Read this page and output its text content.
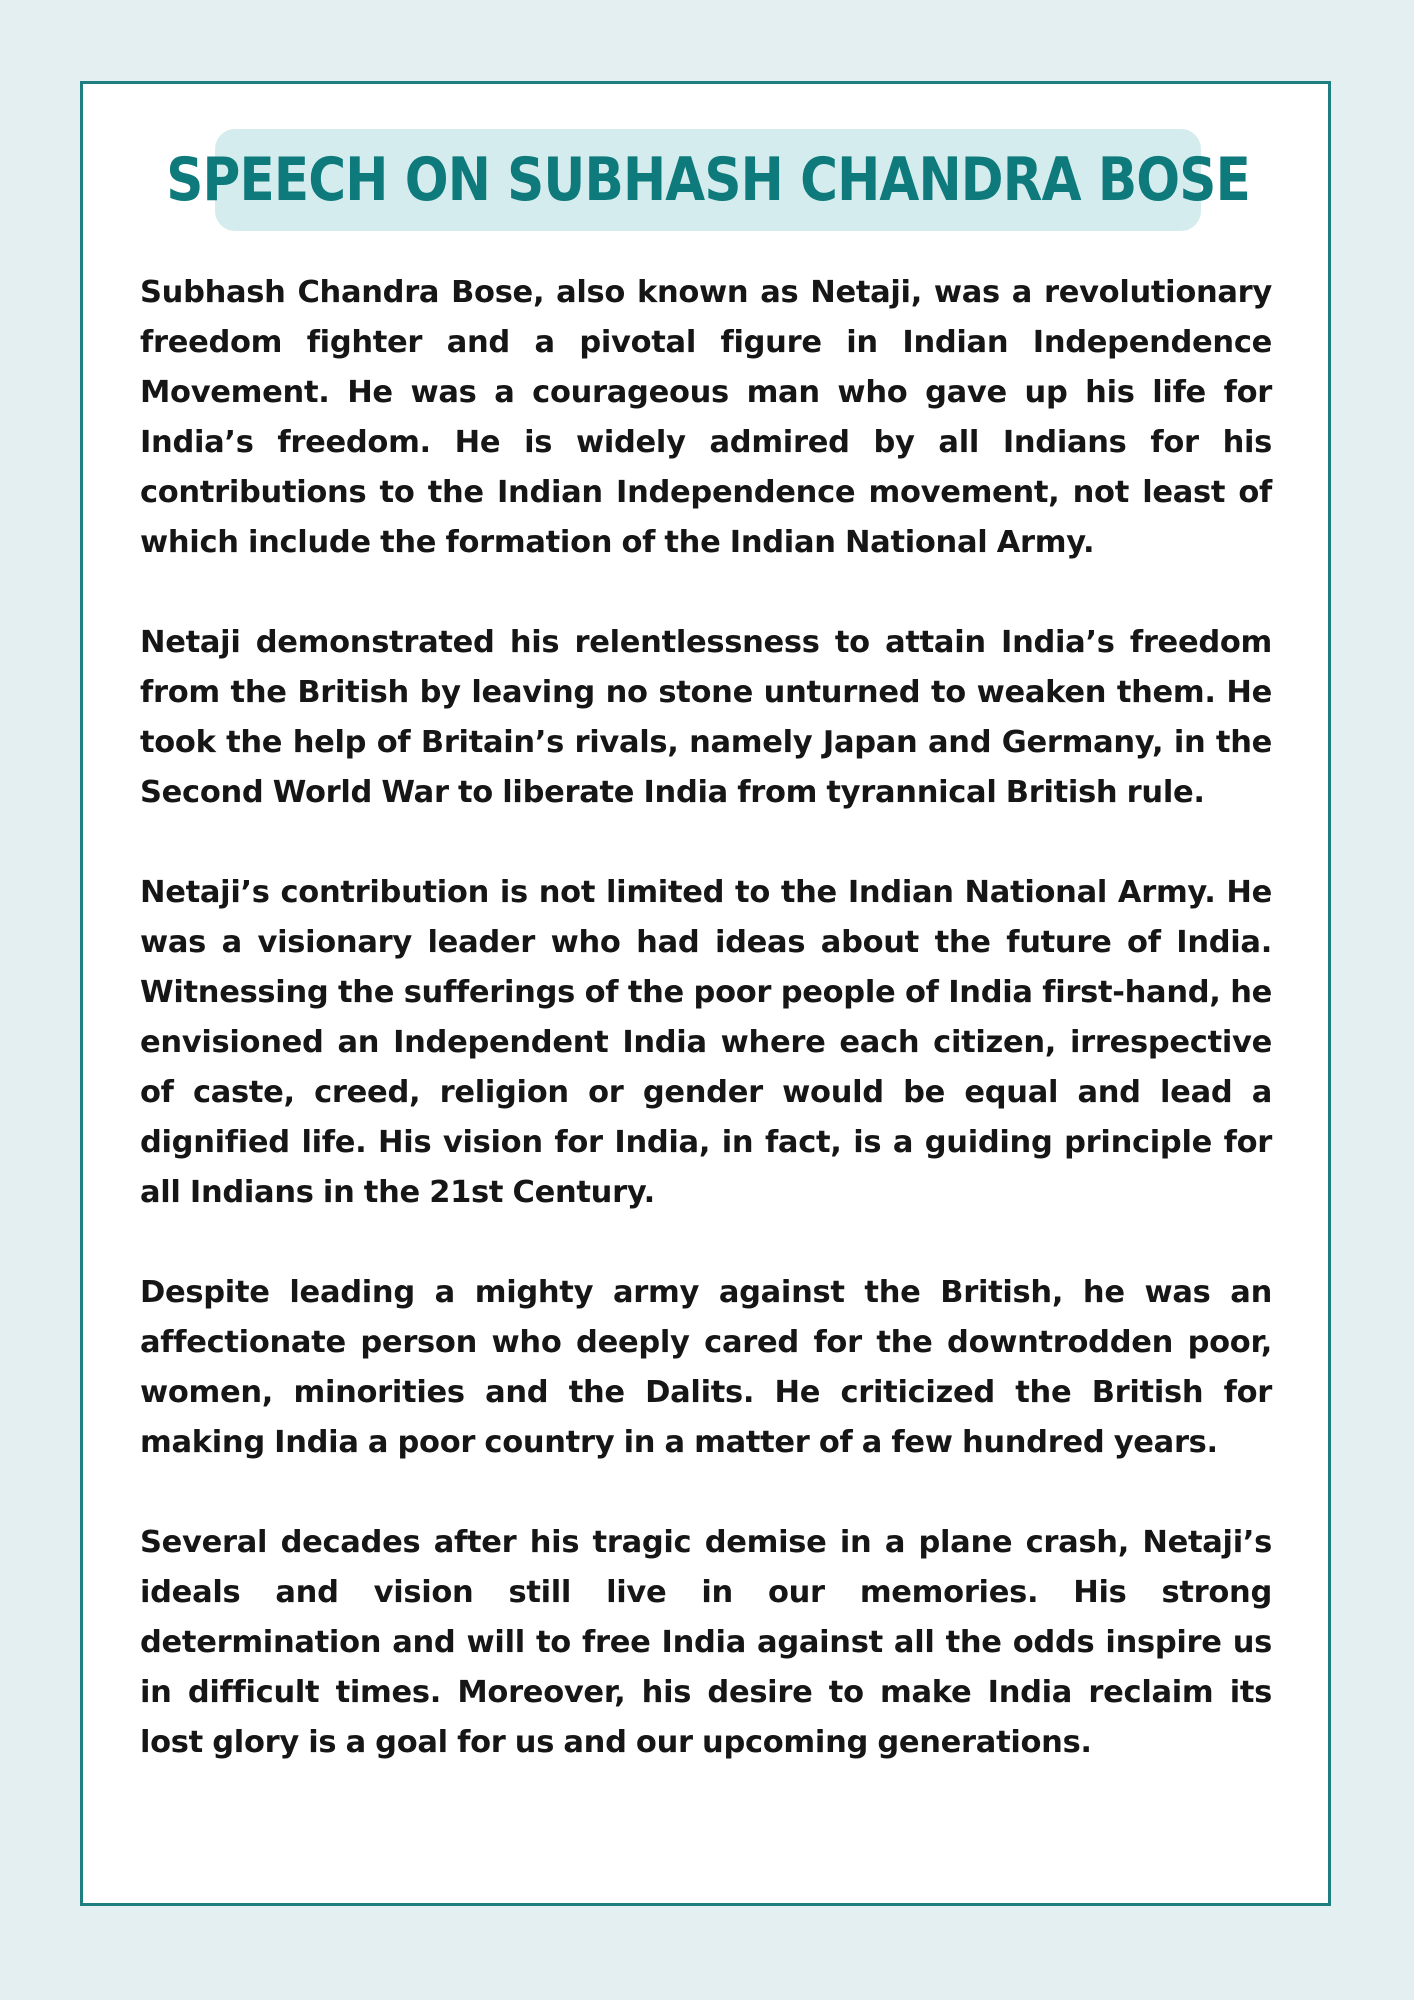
SPEECH ON SUBHASH CHANDRA BOSE

Subhash Chandra Bose, also known as Netaji, was a revolutionary freedom fighter and a pivotal figure in Indian Independence Movement. He was a courageous man who gave up his life for India’s freedom. He is widely admired by all Indians for his contributions to the Indian Independence movement, not least of which include the formation of the Indian National Army.

Netaji demonstrated his relentlessness to attain India’s freedom from the British by leaving no stone unturned to weaken them. He took the help of Britain’s rivals, namely Japan and Germany, in the Second World War to liberate India from tyrannical British rule.

Netaji’s contribution is not limited to the Indian National Army. He was a visionary leader who had ideas about the future of India. Witnessing the sufferings of the poor people of India first-hand, he envisioned an Independent India where each citizen, irrespective of caste, creed, religion or gender would be equal and lead a dignified life. His vision for India, in fact, is a guiding principle for all Indians in the 21st Century.

Despite leading a mighty army against the British, he was an affectionate person who deeply cared for the downtrodden poor, women, minorities and the Dalits. He criticized the British for making India a poor country in a matter of a few hundred years.

Several decades after his tragic demise in a plane crash, Netaji’s ideals and vision still live in our memories. His strong determination and will to free India against all the odds inspire us in difficult times. Moreover, his desire to make India reclaim its lost glory is a goal for us and our upcoming generations.
